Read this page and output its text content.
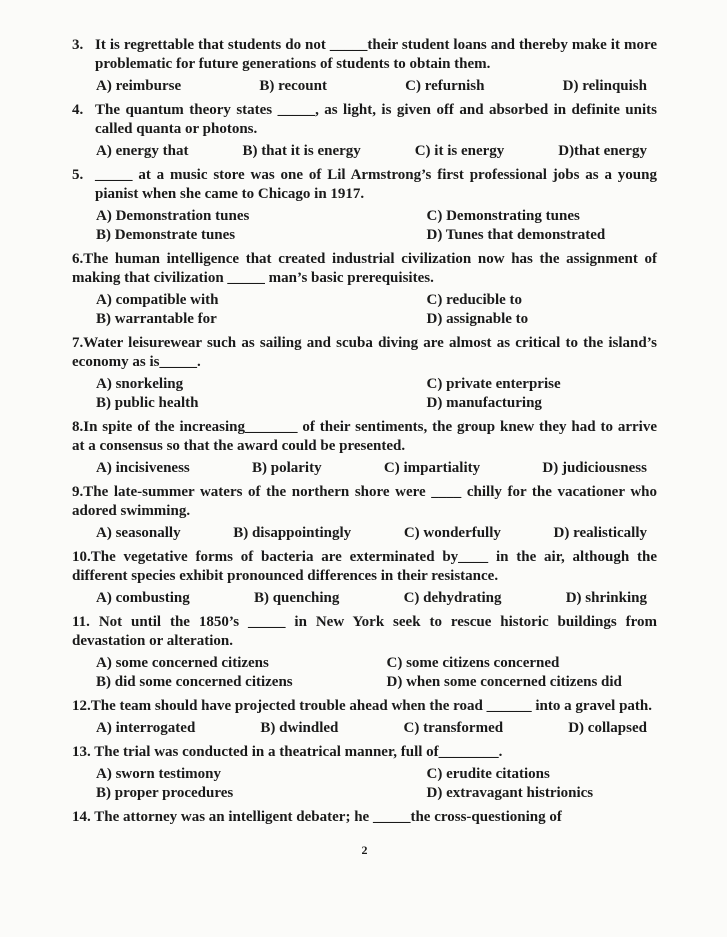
3. It is regrettable that students do not _____their student loans and thereby make it more problematic for future generations of students to obtain them.
A) reimburse	B) recount	C) refurnish	D) relinquish
4. The quantum theory states _____, as light, is given off and absorbed in definite units called quanta or photons.
A) energy that	B) that it is energy	C) it is energy	D)that energy
5. _____ at a music store was one of Lil Armstrong’s first professional jobs as a young pianist when she came to Chicago in 1917.
A) Demonstration tunes
B) Demonstrate tunes
C) Demonstrating tunes
D) Tunes that demonstrated
6.The human intelligence that created industrial civilization now has the assignment of making that civilization _____ man’s basic prerequisites.
A) compatible with
B) warrantable for
C) reducible to
D) assignable to
7.Water leisurewear such as sailing and scuba diving are almost as critical to the island’s economy as is_____.
A) snorkeling
B) public health
C) private enterprise
D) manufacturing
8.In spite of the increasing_______ of their sentiments, the group knew they had to arrive at a consensus so that the award could be presented.
A) incisiveness	B) polarity	C) impartiality	D) judiciousness
9.The late-summer waters of the northern shore were ____ chilly for the vacationer who adored swimming.
A) seasonally	B) disappointingly	C) wonderfully	D) realistically
10.The vegetative forms of bacteria are exterminated by____ in the air, although the different species exhibit pronounced differences in their resistance.
A) combusting	B) quenching	C) dehydrating	D) shrinking
11. Not until the 1850’s _____ in New York seek to rescue historic buildings from devastation or alteration.
A) some concerned citizens
B) did some concerned citizens
C) some citizens concerned
D) when some concerned citizens did
12.The team should have projected trouble ahead when the road ______ into a gravel path.
A) interrogated	B) dwindled	C) transformed	D) collapsed
13. The trial was conducted in a theatrical manner, full of________.
A) sworn testimony
B) proper procedures
C) erudite citations
D) extravagant histrionics
14. The attorney was an intelligent debater; he _____the cross-questioning of
2
